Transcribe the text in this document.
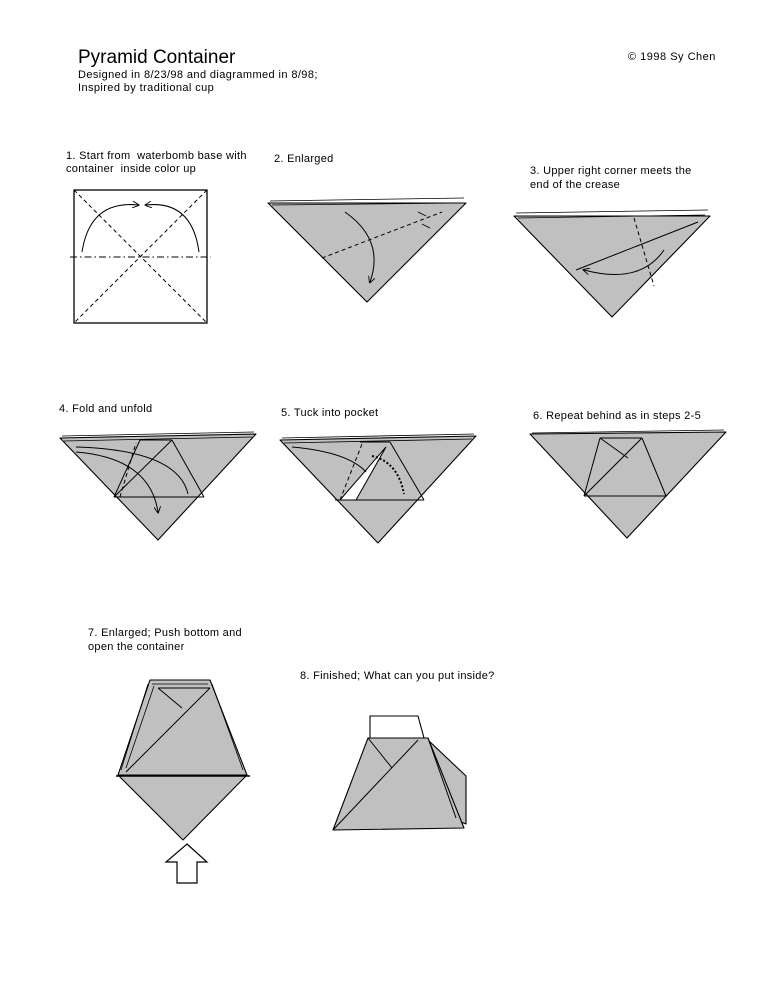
Pyramid Container
Designed in 8/23/98 and diagrammed in 8/98;
Inspired by traditional cup
© 1998 Sy Chen
1. Start from  waterbomb base with
container  inside color up
2. Enlarged
3. Upper right corner meets the
end of the crease
4. Fold and unfold	5. Tuck into pocket	6. Repeat behind as in steps 2-5
7. Enlarged; Push bottom and
open the container
8. Finished; What can you put inside?
